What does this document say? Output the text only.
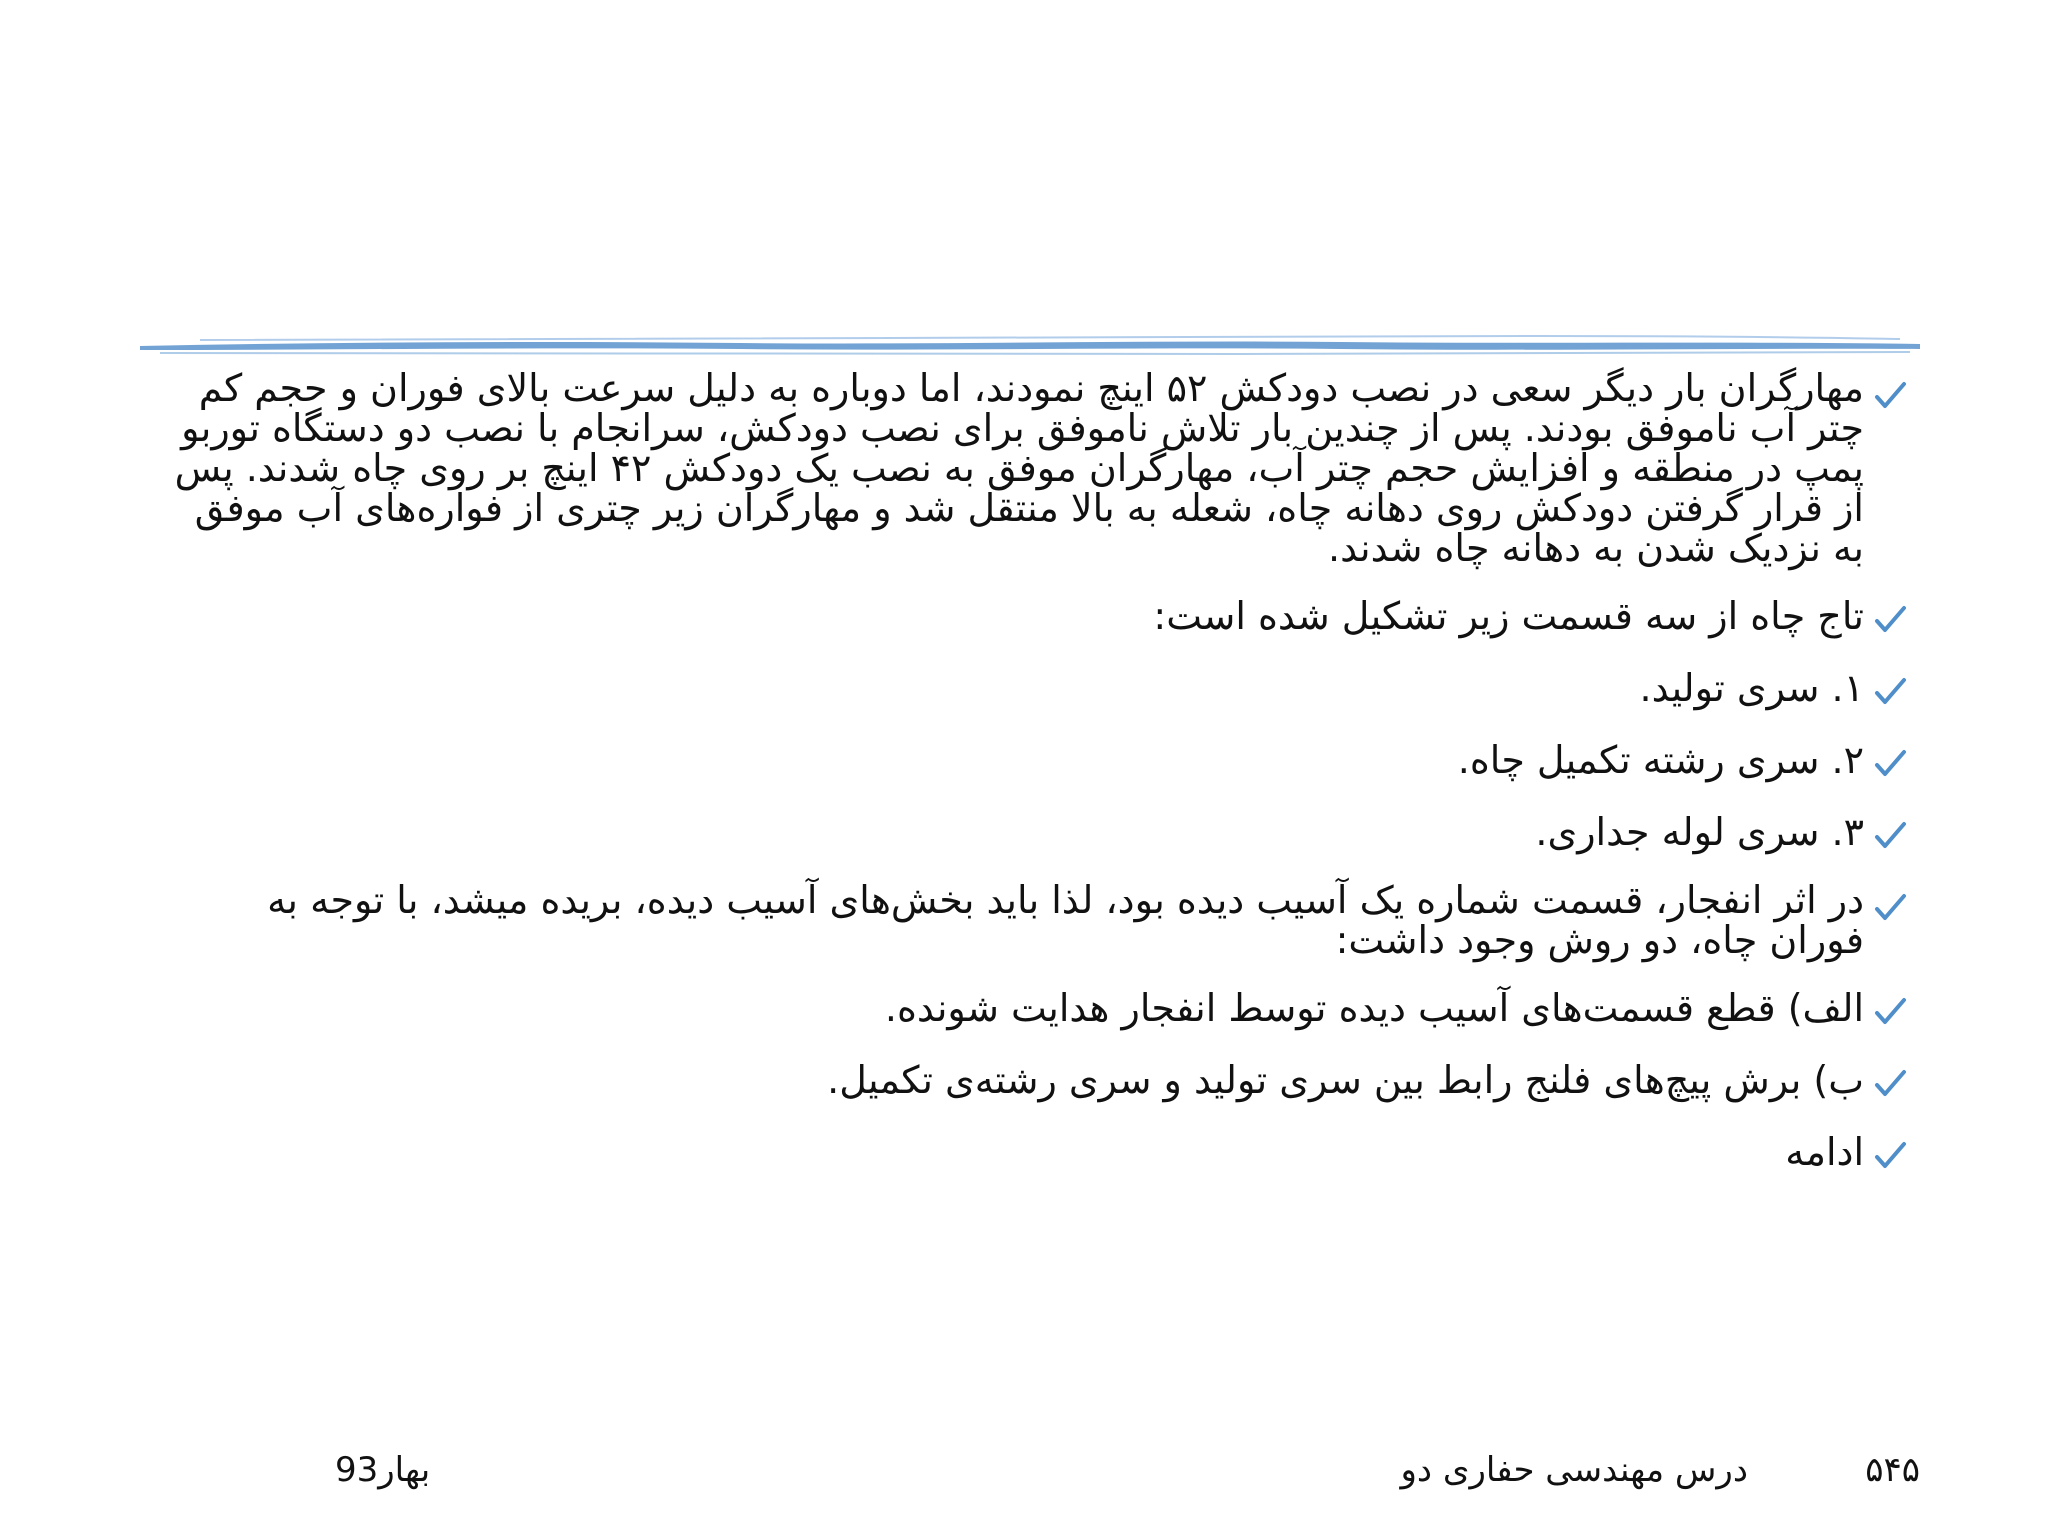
مهارگران بار دیگر سعی در نصب دودکش ۵۲ اینچ نمودند، اما دوباره به دلیل سرعت بالای فوران و حجم کم چتر آب ناموفق بودند. پس از چندین بار تلاش ناموفق برای نصب دودکش، سرانجام با نصب دو دستگاه توربو پمپ در منطقه و افزایش حجم چتر آب، مهارگران موفق به نصب یک دودکش ۴۲ اینچ بر روی چاه شدند. پس از قرار گرفتن دودکش روی دهانه چاه، شعله به بالا منتقل شد و مهارگران زیر چتری از فواره‌های آب موفق به نزدیک شدن به دهانه چاه شدند.
تاج چاه از سه قسمت زیر تشکیل شده است:
۱. سری تولید.
۲. سری رشته تکمیل چاه.
۳. سری لوله جداری.
در اثر انفجار، قسمت شماره یک آسیب دیده بود، لذا باید بخش‌های آسیب دیده، بریده میشد، با توجه به فوران چاه، دو روش وجود داشت:
الف) قطع قسمت‌های آسیب دیده توسط انفجار هدایت شونده.
ب) برش پیچ‌های فلنج رابط بین سری تولید و سری رشته‌ی تکمیل.
ادامه
۵۴۵
درس مهندسی حفاری دو
بهار93
